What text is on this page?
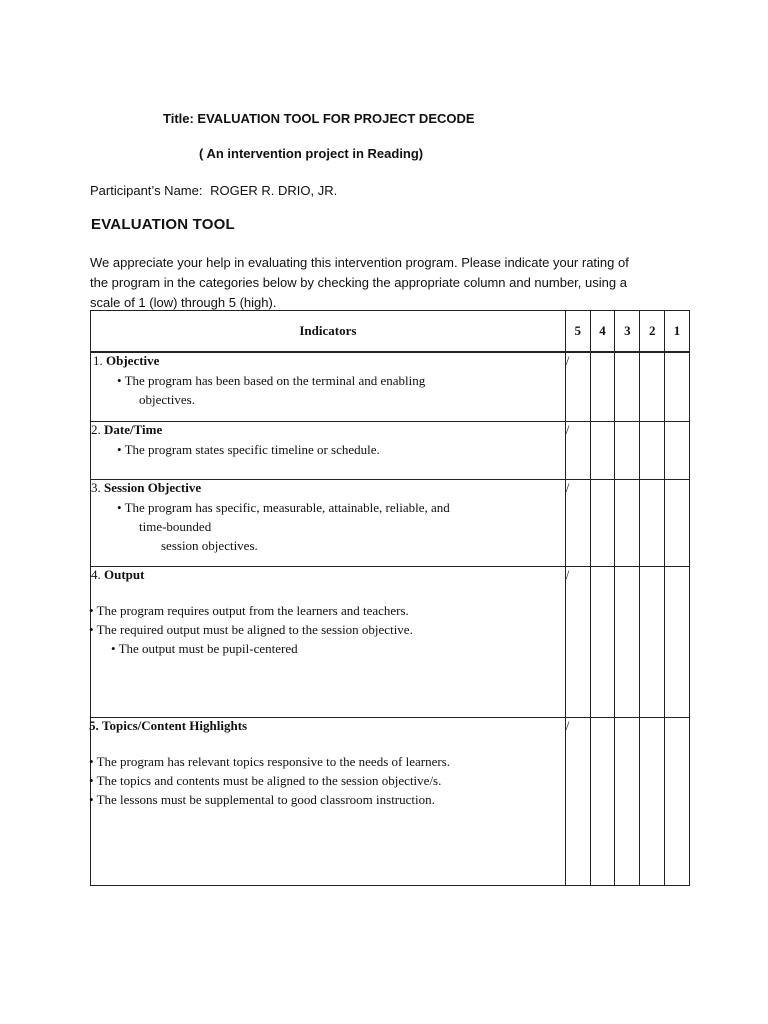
Title: EVALUATION TOOL FOR PROJECT DECODE
( An intervention project in Reading)
Participant’s Name: ROGER R. DRIO, JR.
EVALUATION TOOL

We appreciate your help in evaluating this intervention program. Please indicate your rating of the program in the categories below by checking the appropriate column and number, using a scale of 1 (low) through 5 (high).

Indicators	5	4	3	2	1

1. Objective

• The program has been based on the terminal and enabling

objectives.	/				

2. Date/Time

• The program states specific timeline or schedule.	/				

3. Session Objective

• The program has specific, measurable, attainable, reliable, and

time-bounded

session objectives.	/				

4. Output

• The program requires output from the learners and teachers.

• The required output must be aligned to the session objective.

• The output must be pupil-centered	/				

5. Topics/Content Highlights

• The program has relevant topics responsive to the needs of learners.

• The topics and contents must be aligned to the session objective/s.

• The lessons must be supplemental to good classroom instruction.	/				
